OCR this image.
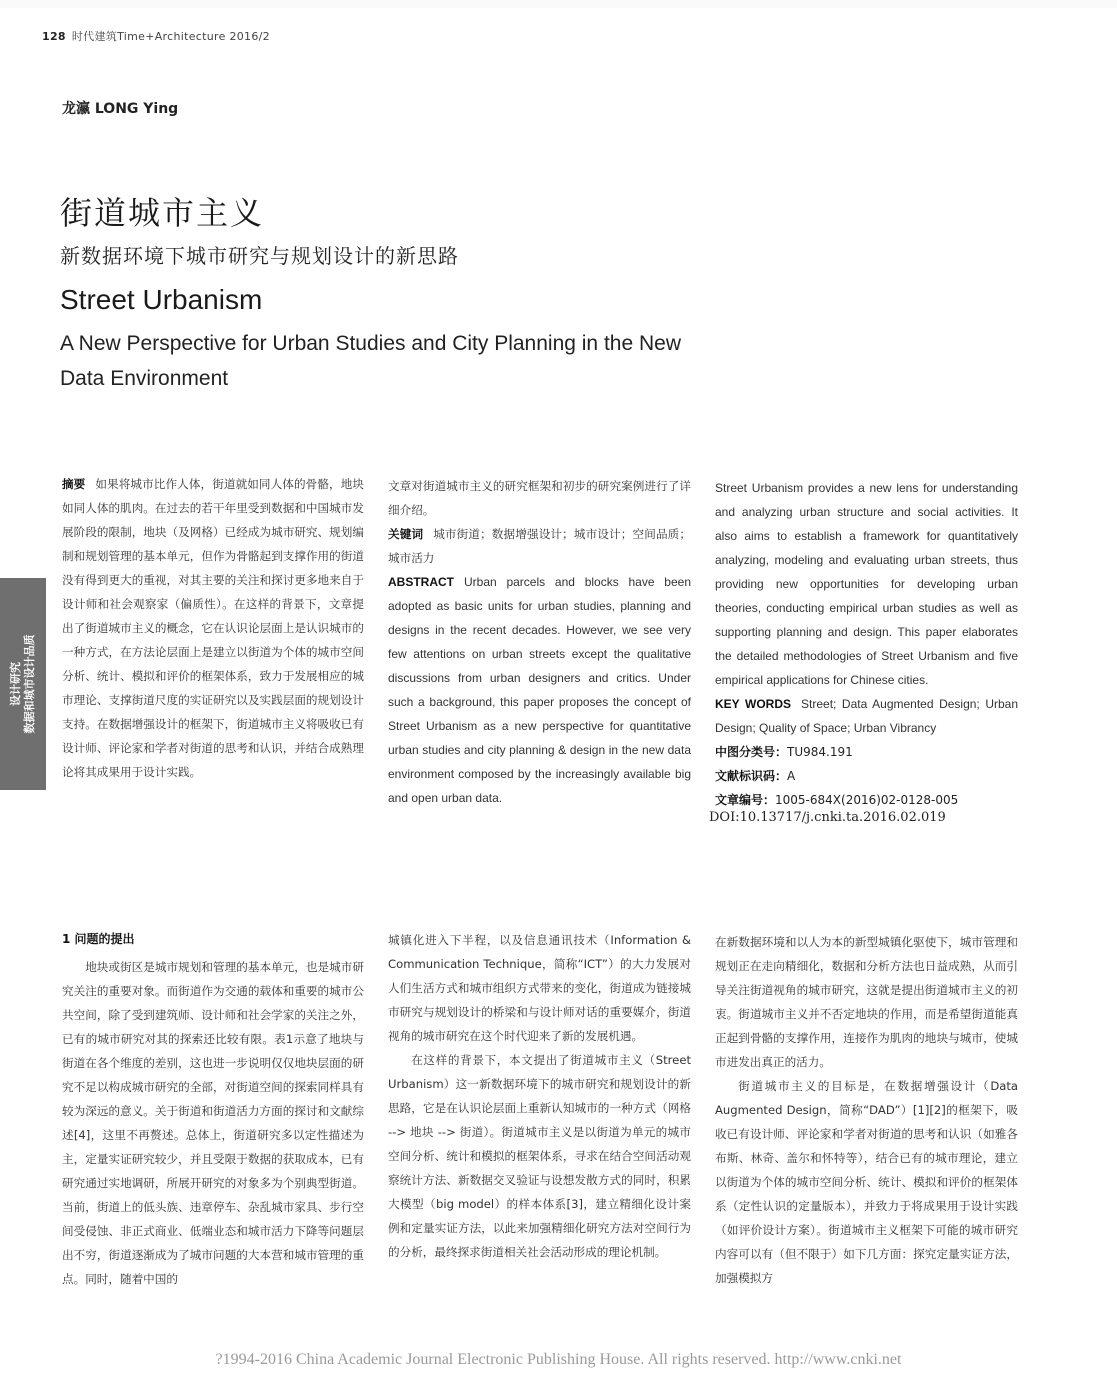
128 时代建筑Time+Architecture 2016/2
龙瀛 LONG Ying
街道城市主义
新数据环境下城市研究与规划设计的新思路
Street Urbanism
A New Perspective for Urban Studies and City Planning in the New Data Environment
设计研究 数据和城市设计品质
摘要 如果将城市比作人体，街道就如同人体的骨骼，地块如同人体的肌肉。在过去的若干年里受到数据和中国城市发展阶段的限制，地块（及网格）已经成为城市研究、规划编制和规划管理的基本单元，但作为骨骼起到支撑作用的街道没有得到更大的重视，对其主要的关注和探讨更多地来自于设计师和社会观察家（偏质性）。在这样的背景下，文章提出了街道城市主义的概念，它在认识论层面上是认识城市的一种方式，在方法论层面上是建立以街道为个体的城市空间分析、统计、模拟和评价的框架体系，致力于发展相应的城市理论、支撑街道尺度的实证研究以及实践层面的规划设计支持。在数据增强设计的框架下，街道城市主义将吸收已有设计师、评论家和学者对街道的思考和认识，并结合成熟理论将其成果用于设计实践。
文章对街道城市主义的研究框架和初步的研究案例进行了详细介绍。
关键词 城市街道；数据增强设计；城市设计；空间品质；城市活力
ABSTRACT Urban parcels and blocks have been adopted as basic units for urban studies, planning and designs in the recent decades. However, we see very few attentions on urban streets except the qualitative discussions from urban designers and critics. Under such a background, this paper proposes the concept of Street Urbanism as a new perspective for quantitative urban studies and city planning & design in the new data environment composed by the increasingly available big and open urban data.
Street Urbanism provides a new lens for understanding and analyzing urban structure and social activities. It also aims to establish a framework for quantitatively analyzing, modeling and evaluating urban streets, thus providing new opportunities for developing urban theories, conducting empirical urban studies as well as supporting planning and design. This paper elaborates the detailed methodologies of Street Urbanism and five empirical applications for Chinese cities.
KEY WORDS Street; Data Augmented Design; Urban Design; Quality of Space; Urban Vibrancy
中图分类号：TU984.191
文献标识码：A
文章编号：1005-684X(2016)02-0128-005
DOI:10.13717/j.cnki.ta.2016.02.019
1 问题的提出

地块或街区是城市规划和管理的基本单元，也是城市研究关注的重要对象。而街道作为交通的载体和重要的城市公共空间，除了受到建筑师、设计师和社会学家的关注之外，已有的城市研究对其的探索还比较有限。表1示意了地块与街道在各个维度的差别，这也进一步说明仅仅地块层面的研究不足以构成城市研究的全部，对街道空间的探索同样具有较为深远的意义。关于街道和街道活力方面的探讨和文献综述[4]，这里不再赘述。总体上，街道研究多以定性描述为主，定量实证研究较少，并且受限于数据的获取成本，已有研究通过实地调研，所展开研究的对象多为个别典型街道。当前，街道上的低头族、违章停车、杂乱城市家具、步行空间受侵蚀、非正式商业、低端业态和城市活力下降等问题层出不穷，街道逐渐成为了城市问题的大本营和城市管理的重点。同时，随着中国的

城镇化进入下半程，以及信息通讯技术（Information & Communication Technique，简称“ICT”）的大力发展对人们生活方式和城市组织方式带来的变化，街道成为链接城市研究与规划设计的桥梁和与设计师对话的重要媒介，街道视角的城市研究在这个时代迎来了新的发展机遇。

在这样的背景下，本文提出了街道城市主义（Street Urbanism）这一新数据环境下的城市研究和规划设计的新思路，它是在认识论层面上重新认知城市的一种方式（网格 --> 地块 --> 街道）。街道城市主义是以街道为单元的城市空间分析、统计和模拟的框架体系，寻求在结合空间活动观察统计方法、新数据交叉验证与设想发散方式的同时，积累大模型（big model）的样本体系[3]，建立精细化设计案例和定量实证方法，以此来加强精细化研究方法对空间行为的分析，最终探求街道相关社会活动形成的理论机制。

在新数据环境和以人为本的新型城镇化驱使下，城市管理和规划正在走向精细化，数据和分析方法也日益成熟，从而引导关注街道视角的城市研究，这就是提出街道城市主义的初衷。街道城市主义并不否定地块的作用，而是希望街道能真正起到骨骼的支撑作用，连接作为肌肉的地块与城市，使城市进发出真正的活力。

街道城市主义的目标是，在数据增强设计（Data Augmented Design，简称“DAD”）[1][2]的框架下，吸收已有设计师、评论家和学者对街道的思考和认识（如雅各布斯、林奇、盖尔和怀特等），结合已有的城市理论，建立以街道为个体的城市空间分析、统计、模拟和评价的框架体系（定性认识的定量版本），并致力于将成果用于设计实践（如评价设计方案）。街道城市主义框架下可能的城市研究内容可以有（但不限于）如下几方面：探究定量实证方法，加强模拟方

?1994-2016 China Academic Journal Electronic Publishing House. All rights reserved. http://www.cnki.net
